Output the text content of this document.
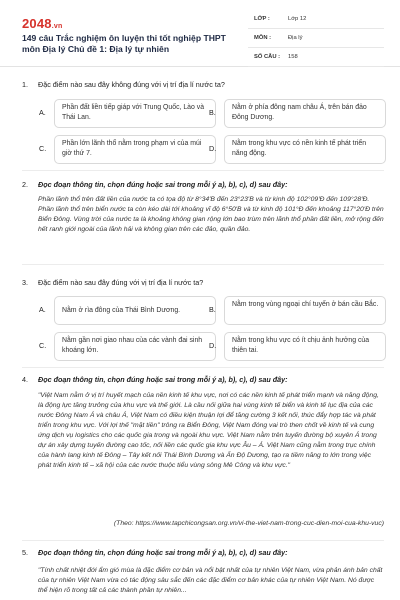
2048.vn
149 câu Trắc nghiệm ôn luyện thi tốt nghiệp THPT môn Địa lý Chủ đề 1: Địa lý tự nhiên
LỚP :	Lớp 12
MÔN :	Địa lý
SỐ CÂU : 158
1. Đặc điểm nào sau đây không đúng với vị trí địa lí nước ta?
A.
Phần đất liền tiếp giáp với Trung Quốc, Lào và Thái Lan.	B.
Nằm ở phía đông nam châu Á, trên bán đảo Đông Dương.
C.
Phần lớn lãnh thổ nằm trong phạm vi của múi giờ thứ 7.	D.
Nằm trong khu vực có nền kinh tế phát triển năng động.
2. Đọc đoạn thông tin, chọn đúng hoặc sai trong mỗi ý a), b), c), d) sau đây:
Phần lãnh thổ trên đất liền của nước ta có tọa độ từ 8°34'B đến 23°23'B và từ kinh độ 102°09'Đ đến 109°28'Đ. Phần lãnh thổ trên biển nước ta còn kéo dài tới khoảng vĩ độ 6°50'B và từ kinh độ 101°Đ đến khoảng 117°20'Đ trên Biển Đông. Vùng trời của nước ta là khoảng không gian rộng lớn bao trùm trên lãnh thổ phần đất liền, mở rộng đến hết ranh giới ngoài của lãnh hải và không gian trên các đảo, quần đảo.
3. Đặc điểm nào sau đây đúng với vị trí địa lí nước ta?
A. Nằm ở rìa đông của Thái Bình Dương.	B.
Nằm trong vùng ngoại chí tuyến ở bán cầu Bắc.
C.
Nằm gần nơi giao nhau của các vành đai sinh khoáng lớn.	D.
Nằm trong khu vực có ít chịu ảnh hưởng của thiên tai.
4. Đọc đoạn thông tin, chọn đúng hoặc sai trong mỗi ý a), b), c), d) sau đây:
"Việt Nam nằm ở vị trí huyết mạch của nền kinh tế khu vực, nơi có các nền kinh tế phát triển mạnh và năng động, là động lực tăng trưởng của khu vực và thế giới. Là cầu nối giữa hai vùng kinh tế biển và kinh tế lục địa của các nước Đông Nam Á và châu Á, Việt Nam có điều kiện thuận lợi để tăng cường 3 kết nối, thúc đẩy hợp tác và phát triển trong khu vực. Với lợi thế "mặt tiền" trông ra Biển Đông, Việt Nam đóng vai trò then chốt về kinh tế và cung ứng dịch vụ logistics cho các quốc gia trong và ngoài khu vực. Việt Nam nằm trên tuyến đường bộ xuyên Á trong dự án xây dựng tuyến đường cao tốc, nối liền các quốc gia khu vực Âu – Á. Việt Nam cũng nằm trong trục chính của hành lang kinh tế Đông – Tây kết nối Thái Bình Dương và Ấn Độ Dương, tạo ra tiềm năng to lớn trong việc phát triển kinh tế – xã hội của các nước thuộc tiểu vùng sông Mê Công và khu vực."
(Theo: https://www.tapchicongsan.org.vn/vi-the-viet-nam-trong-cuc-dien-moi-cua-khu-vuc)
5. Đọc đoạn thông tin, chọn đúng hoặc sai trong mỗi ý a), b), c), d) sau đây:
"Tính chất nhiệt đới ẩm gió mùa là đặc điểm cơ bản và nổi bật nhất của tự nhiên Việt Nam, vừa phản ánh bản chất của tự nhiên Việt Nam vừa có tác động sâu sắc đến các đặc điểm cơ bản khác của tự nhiên Việt Nam. Nó được thể hiện rõ trong tất cả các thành phần tự nhiên...
